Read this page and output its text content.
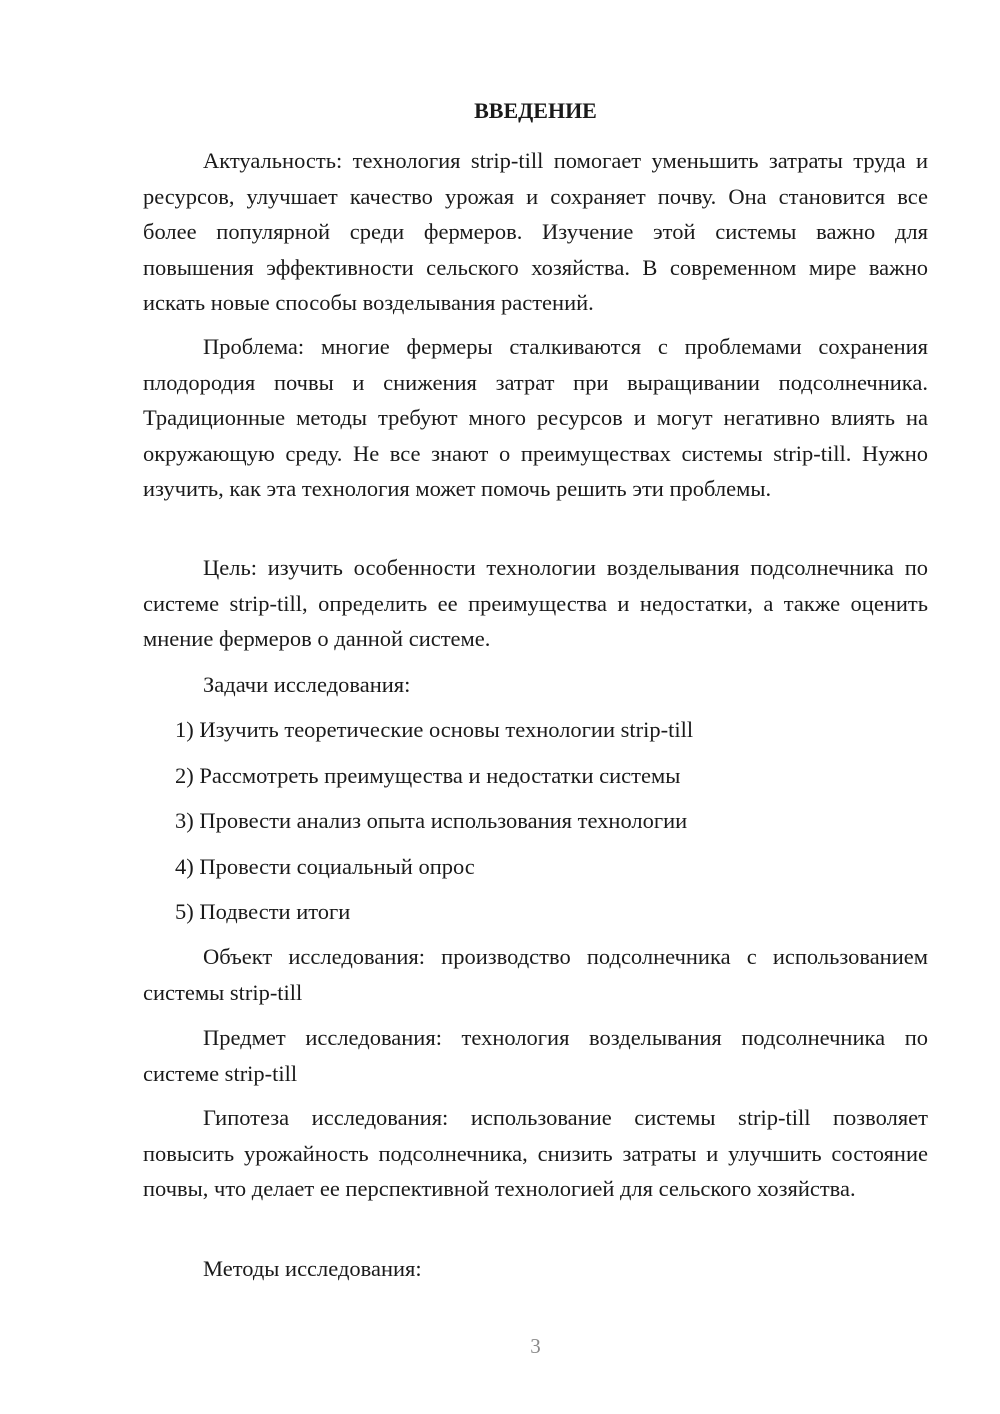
ВВЕДЕНИЕ

Актуальность: технология strip-till помогает уменьшить затраты труда и ресурсов, улучшает качество урожая и сохраняет почву. Она становится все более популярной среди фермеров. Изучение этой системы важно для повышения эффективности сельского хозяйства. В современном мире важно искать новые способы возделывания растений.

Проблема: многие фермеры сталкиваются с проблемами сохранения плодородия почвы и снижения затрат при выращивании подсолнечника. Традиционные методы требуют много ресурсов и могут негативно влиять на окружающую среду. Не все знают о преимуществах системы strip-till. Нужно изучить, как эта технология может помочь решить эти проблемы.

Цель: изучить особенности технологии возделывания подсолнечника по системе strip-till, определить ее преимущества и недостатки, а также оценить мнение фермеров о данной системе.

Задачи исследования:

1) Изучить теоретические основы технологии strip-till

2) Рассмотреть преимущества и недостатки системы

3) Провести анализ опыта использования технологии

4) Провести социальный опрос

5) Подвести итоги

Объект исследования: производство подсолнечника с использованием системы strip-till

Предмет исследования: технология возделывания подсолнечника по системе strip-till

Гипотеза исследования: использование системы strip-till позволяет повысить урожайность подсолнечника, снизить затраты и улучшить состояние почвы, что делает ее перспективной технологией для сельского хозяйства.

Методы исследования:

3
